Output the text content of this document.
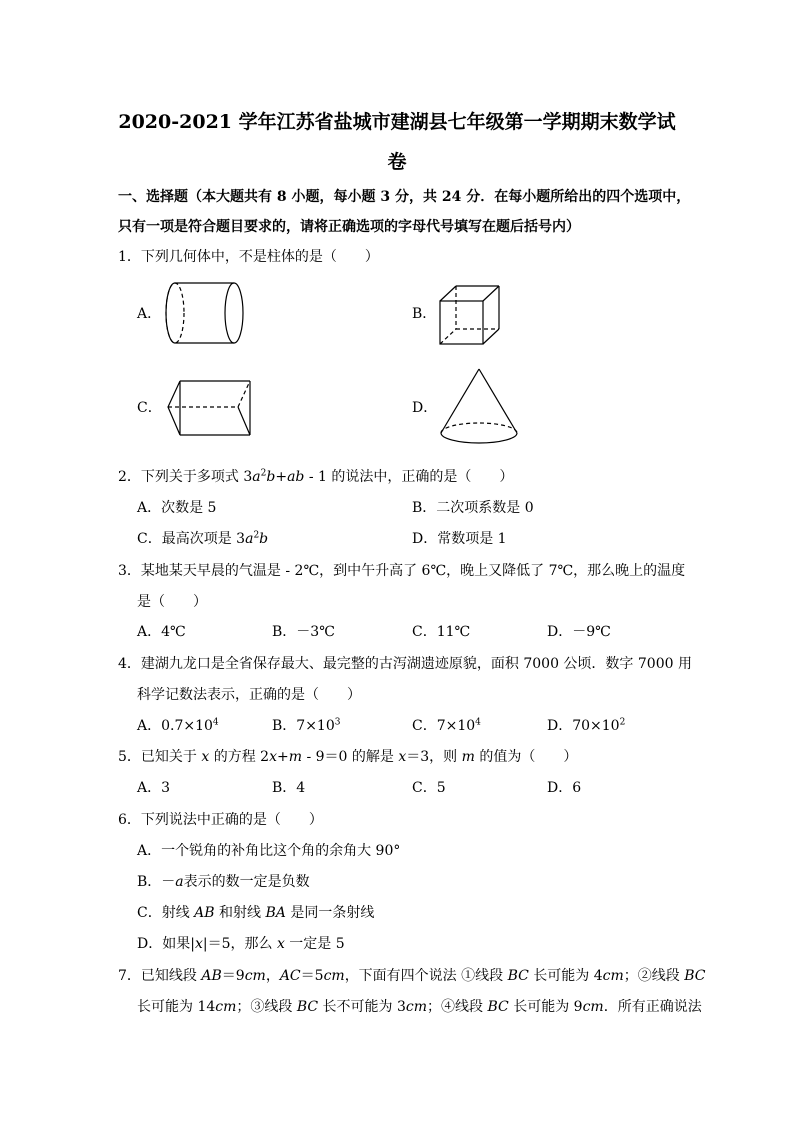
2020-2021 学年江苏省盐城市建湖县七年级第一学期期末数学试
卷
一、选择题（本大题共有 8 小题，每小题 3 分，共 24 分．在每小题所给出的四个选项中，
只有一项是符合题目要求的，请将正确选项的字母代号填写在题后括号内）
1．下列几何体中，不是柱体的是（　　）
A．	B．
C．	D．
2．下列关于多项式 $3a^2b+ab - 1$ 的说法中，正确的是（　　）
A．次数是 5	B．二次项系数是 0
C．最高次项是 $3a^2b$	D．常数项是 1
3．某地某天早晨的气温是 - 2℃，到中午升高了 6℃，晚上又降低了 7℃，那么晚上的温度
是（　　）
A．4℃	B．－3℃	C．11℃	D．－9℃
4．建湖九龙口是全省保存最大、最完整的古泻湖遗迹原貌，面积 7000 公顷．数字 7000 用
科学记数法表示，正确的是（　　）
A．$0.7\times 10^4$	B．$7\times 10^3$	C．$7\times 10^4$	D．$70\times 10^2$
5．已知关于 x 的方程 2x+m - 9＝0 的解是 x＝3，则 m 的值为（　　）
A．3	B．4	C．5	D．6
6．下列说法中正确的是（　　）
A．一个锐角的补角比这个角的余角大 90°
B．－a表示的数一定是负数
C．射线 AB 和射线 BA 是同一条射线
D．如果|x|＝5，那么 x 一定是 5
7．已知线段 AB＝9cm，AC＝5cm，下面有四个说法 ①线段 BC 长可能为 4cm；②线段 BC
长可能为 14cm；③线段 BC 长不可能为 3cm；④线段 BC 长可能为 9cm．所有正确说法
